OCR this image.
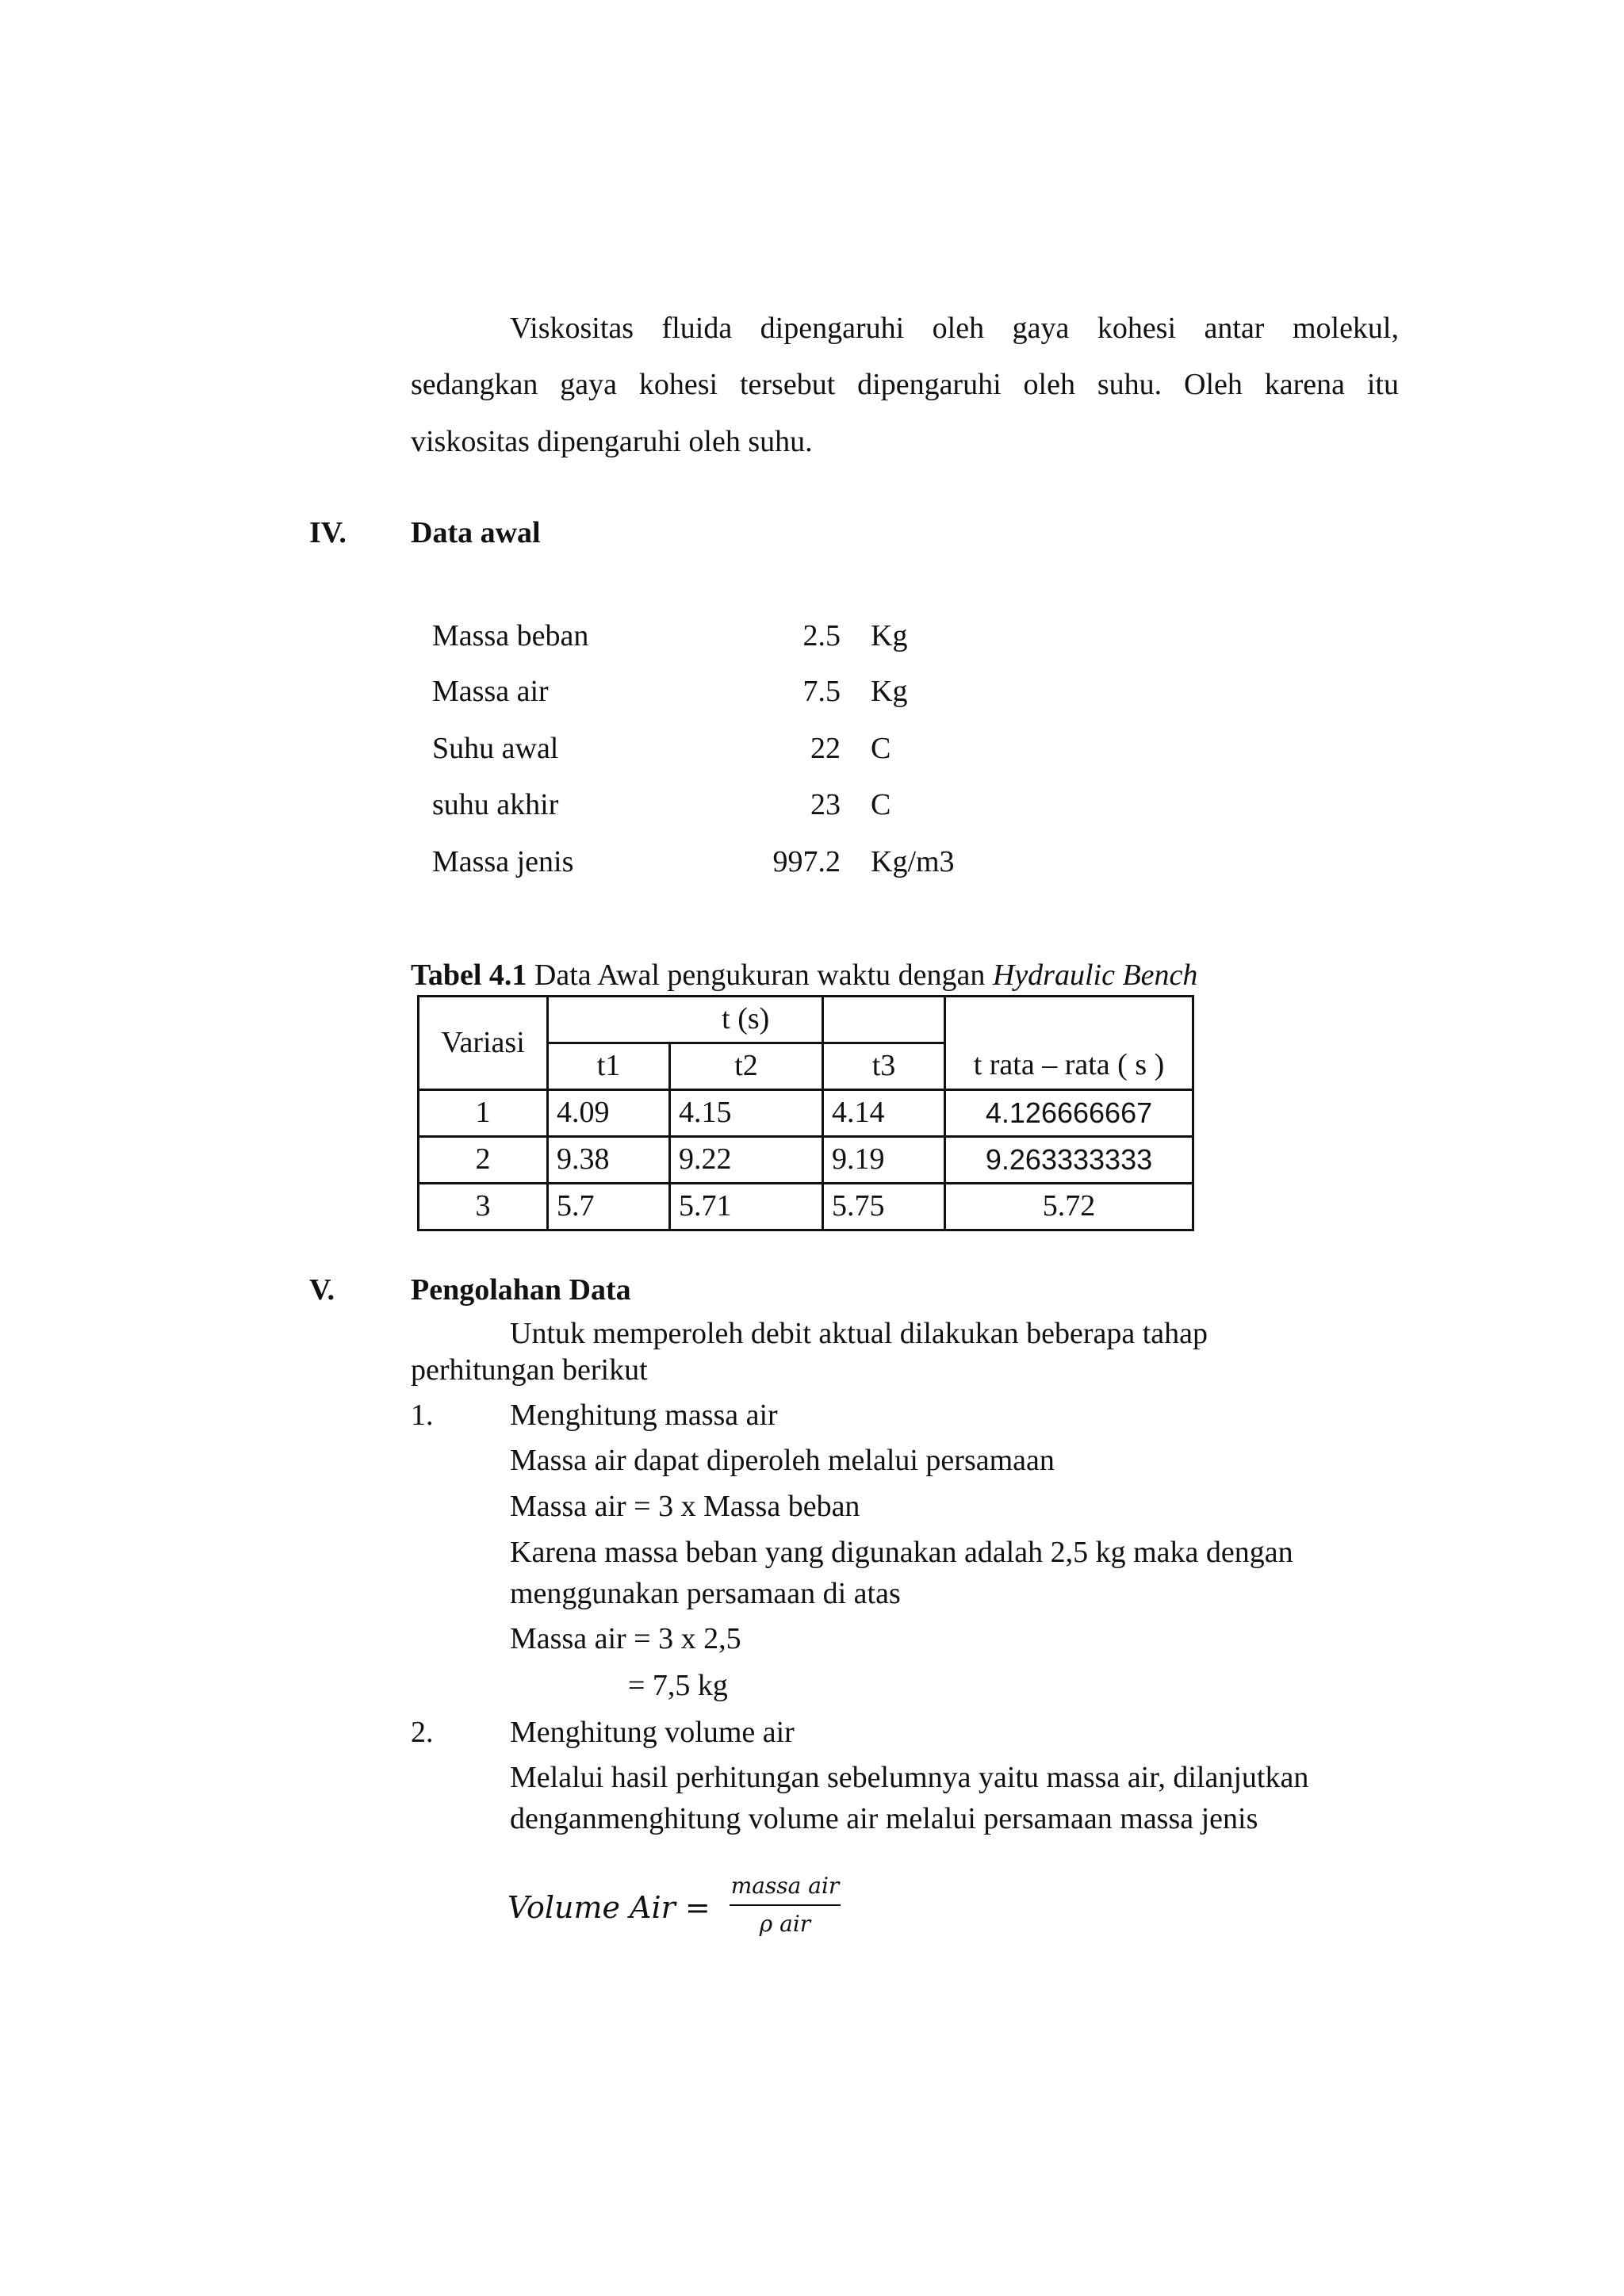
Viskositas fluida dipengaruhi oleh gaya kohesi antar molekul,
sedangkan gaya kohesi tersebut dipengaruhi oleh suhu. Oleh karena itu
viskositas dipengaruhi oleh suhu.
IV. Data awal
Massa beban	2.5 Kg
Massa air	7.5 Kg
Suhu awal	22 C
suhu akhir	23 C
Massa jenis	997.2 Kg/m3
Tabel 4.1 Data Awal pengukuran waktu dengan Hydraulic Bench
Variasi		t (s)		t rata – rata ( s )
	t1	t2	t3	
1	4.09	4.15	4.14	4.126666667
2	9.38	9.22	9.19	9.263333333
3	5.7	5.71	5.75	5.72
V.	Pengolahan Data
Untuk memperoleh debit aktual dilakukan beberapa tahap
perhitungan berikut
1.	Menghitung massa air
Massa air dapat diperoleh melalui persamaan
Massa air = 3 x Massa beban
Karena massa beban yang digunakan adalah 2,5 kg maka dengan
menggunakan persamaan di atas
Massa air = 3 x 2,5
= 7,5 kg
2.	Menghitung volume air
Melalui hasil perhitungan sebelumnya yaitu massa air, dilanjutkan
denganmenghitung volume air melalui persamaan massa jenis
Volume Air =
massa air
ρ air
